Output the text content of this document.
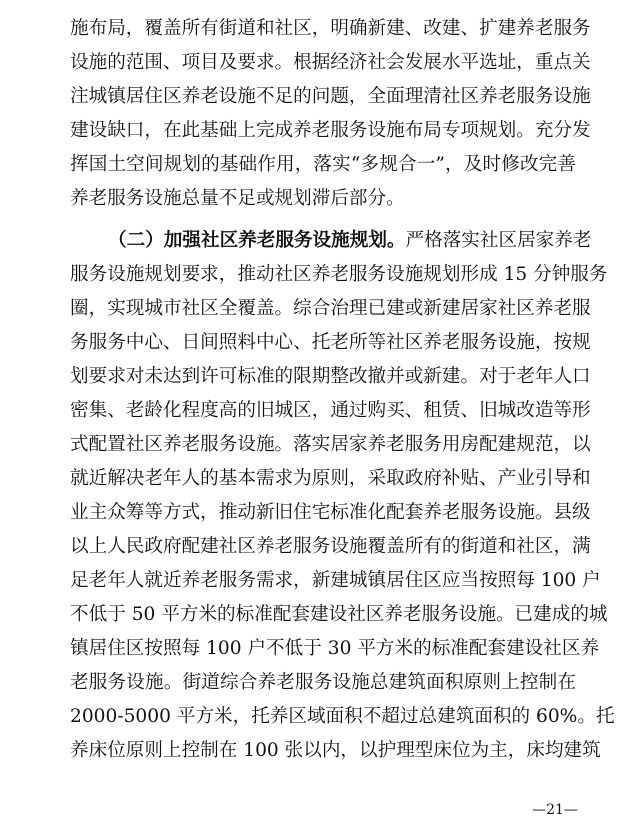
施布局，覆盖所有街道和社区，明确新建、改建、扩建养老服务
设施的范围、项目及要求。根据经济社会发展水平选址，重点关
注城镇居住区养老设施不足的问题，全面理清社区养老服务设施
建设缺口，在此基础上完成养老服务设施布局专项规划。充分发
挥国土空间规划的基础作用，落实“多规合一”，及时修改完善
养老服务设施总量不足或规划滞后部分。
（二）加强社区养老服务设施规划。严格落实社区居家养老
服务设施规划要求，推动社区养老服务设施规划形成 15 分钟服务
圈，实现城市社区全覆盖。综合治理已建或新建居家社区养老服
务服务中心、日间照料中心、托老所等社区养老服务设施，按规
划要求对未达到许可标准的限期整改撤并或新建。对于老年人口
密集、老龄化程度高的旧城区，通过购买、租赁、旧城改造等形
式配置社区养老服务设施。落实居家养老服务用房配建规范，以
就近解决老年人的基本需求为原则，采取政府补贴、产业引导和
业主众筹等方式，推动新旧住宅标准化配套养老服务设施。县级
以上人民政府配建社区养老服务设施覆盖所有的街道和社区，满
足老年人就近养老服务需求，新建城镇居住区应当按照每 100 户
不低于 50 平方米的标准配套建设社区养老服务设施。已建成的城
镇居住区按照每 100 户不低于 30 平方米的标准配套建设社区养
老服务设施。街道综合养老服务设施总建筑面积原则上控制在
2000-5000 平方米，托养区域面积不超过总建筑面积的 60%。托
养床位原则上控制在 100 张以内，以护理型床位为主，床均建筑
—21—
